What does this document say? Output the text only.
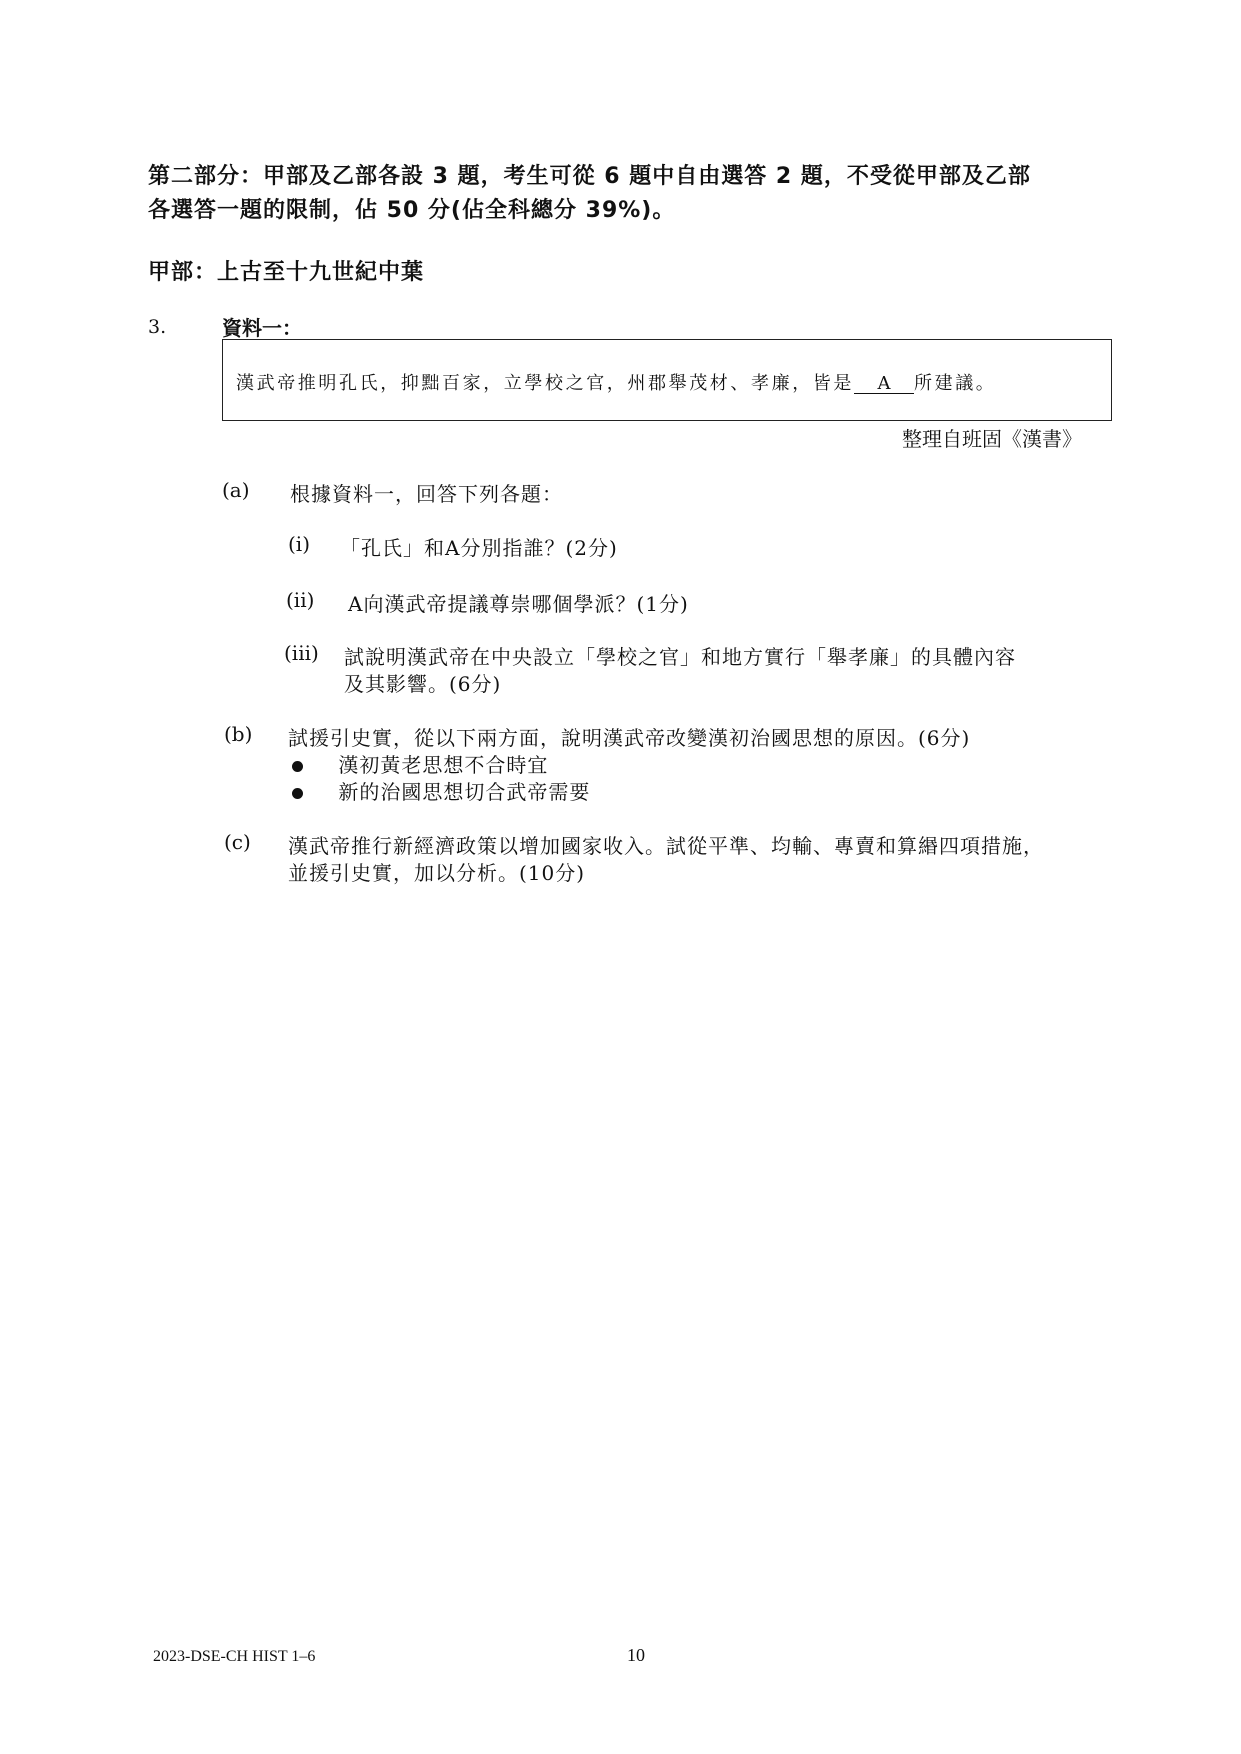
第二部分：甲部及乙部各設 3 題，考生可從 6 題中自由選答 2 題，不受從甲部及乙部
各選答一題的限制，佔 50 分(佔全科總分 39%)。
甲部：上古至十九世紀中葉
3.	資料一：
漢武帝推明孔氏，抑黜百家，立學校之官，州郡舉茂材、孝廉，皆是 A 所建議。
整理自班固《漢書》
(a) 根據資料一，回答下列各題：
(i) 「孔氏」和A分別指誰？(2分)
(ii) A向漢武帝提議尊崇哪個學派？(1分)
(iii) 試說明漢武帝在中央設立「學校之官」和地方實行「舉孝廉」的具體內容
及其影響。(6分)
(b) 試援引史實，從以下兩方面，說明漢武帝改變漢初治國思想的原因。(6分)
漢初黃老思想不合時宜
新的治國思想切合武帝需要
(c) 漢武帝推行新經濟政策以增加國家收入。試從平準、均輸、專賣和算緡四項措施，
並援引史實，加以分析。(10分)
2023-DSE-CH HIST 1–6	10
